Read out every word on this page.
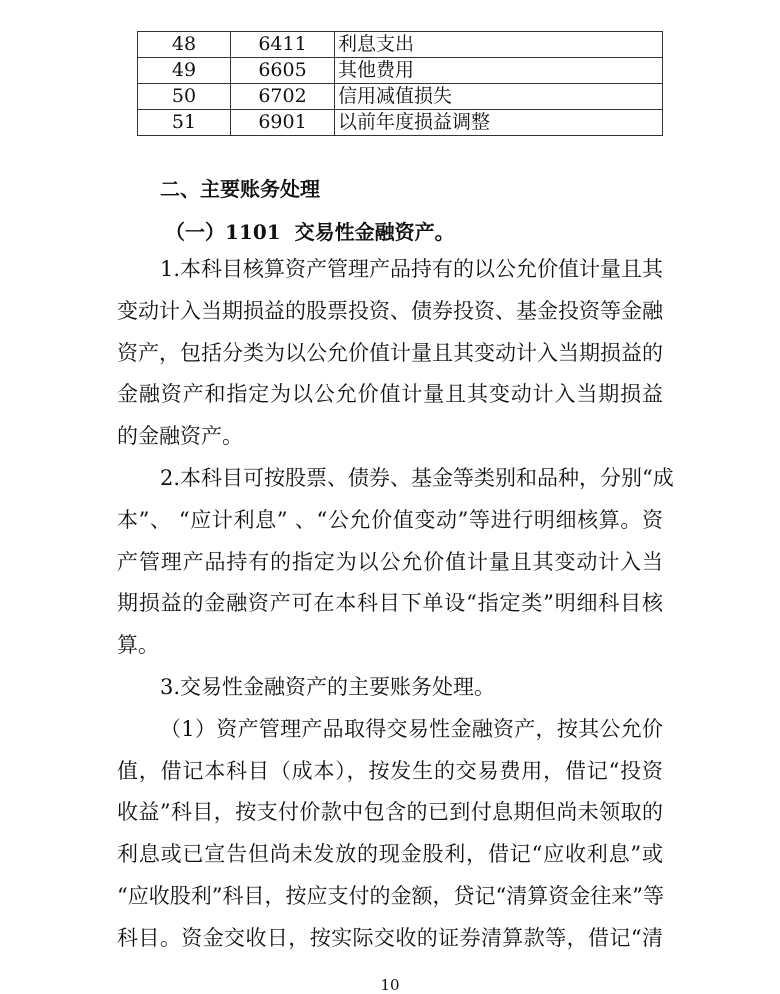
48	6411	利息支出
49	6605	其他费用
50	6702	信用减值损失
51	6901	以前年度损益调整
二、主要账务处理
（一）1101  交易性金融资产。
1.本科目核算资产管理产品持有的以公允价值计量且其
变动计入当期损益的股票投资、债券投资、基金投资等金融
资产，包括分类为以公允价值计量且其变动计入当期损益的
金融资产和指定为以公允价值计量且其变动计入当期损益
的金融资产。
2.本科目可按股票、债券、基金等类别和品种，分别“成
本”、 “应计利息” 、“公允价值变动”等进行明细核算。资
产管理产品持有的指定为以公允价值计量且其变动计入当
期损益的金融资产可在本科目下单设“指定类”明细科目核
算。
3.交易性金融资产的主要账务处理。
（1）资产管理产品取得交易性金融资产，按其公允价
值，借记本科目（成本），按发生的交易费用，借记“投资
收益”科目，按支付价款中包含的已到付息期但尚未领取的
利息或已宣告但尚未发放的现金股利，借记“应收利息”或
“应收股利”科目，按应支付的金额，贷记“清算资金往来”等
科目。资金交收日，按实际交收的证券清算款等，借记“清
10
